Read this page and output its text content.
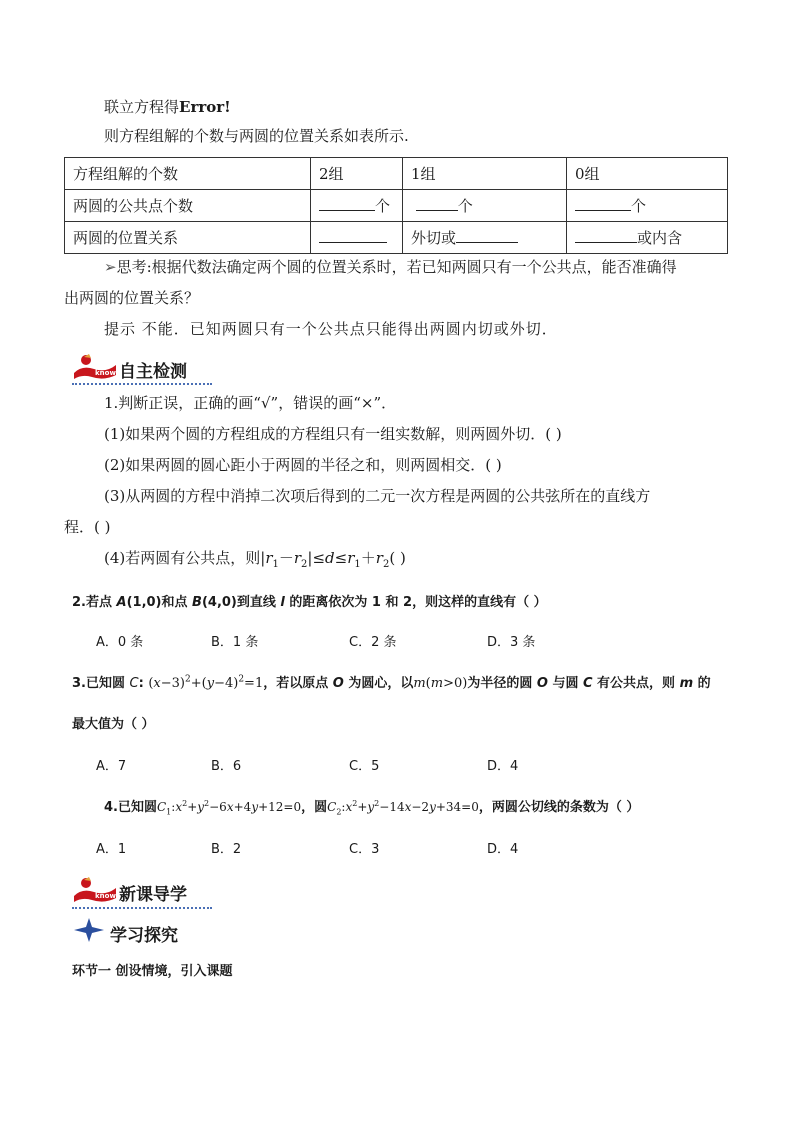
联立方程得Error!
则方程组解的个数与两圆的位置关系如表所示.
方程组解的个数	2组	1组	0组
两圆的公共点个数	个	个	个
两圆的位置关系		外切或	或内含
➢思考:根据代数法确定两个圆的位置关系时，若已知两圆只有一个公共点，能否准确得
出两圆的位置关系？
提示 不能．已知两圆只有一个公共点只能得出两圆内切或外切．
know 自主检测
1.判断正误，正确的画“√”，错误的画“×”．
(1)如果两个圆的方程组成的方程组只有一组实数解，则两圆外切．( )
(2)如果两圆的圆心距小于两圆的半径之和，则两圆相交．( )
(3)从两圆的方程中消掉二次项后得到的二元一次方程是两圆的公共弦所在的直线方
程．( )
(4)若两圆有公共点，则$|r_1-r_2|\le d\le r_1+r_2$( )
2.若点 A(1,0)和点 B(4,0)到直线 l 的距离依次为 1 和 2，则这样的直线有（ ）
A．0 条	B．1 条	C．2 条	D．3 条
3.已知圆 C: $(x-3)^2+(y-4)^2=1$，若以原点 O 为圆心，以m(m>0)为半径的圆 O 与圆 C 有公共点，则 m 的
最大值为（ ）
A．7	B．6	C．5	D．4
4.已知圆$C_1:x^2+y^2-6x+4y+12=0$，圆$C_2:x^2+y^2-14x-2y+34=0$，两圆公切线的条数为（ ）
A．1	B．2	C．3	D．4
know 新课导学
学习探究
环节一 创设情境，引入课题
